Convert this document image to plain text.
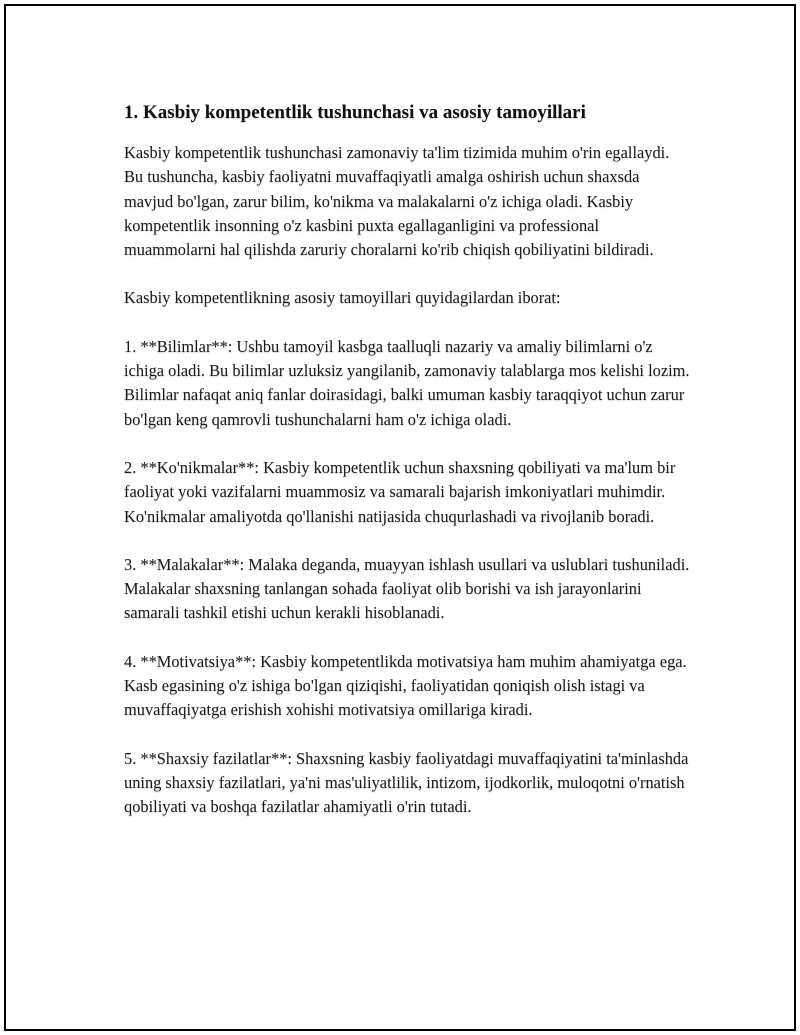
1. Kasbiy kompetentlik tushunchasi va asosiy tamoyillari

Kasbiy kompetentlik tushunchasi zamonaviy ta'lim tizimida muhim o'rin egallaydi. Bu tushuncha, kasbiy faoliyatni muvaffaqiyatli amalga oshirish uchun shaxsda mavjud bo'lgan, zarur bilim, ko'nikma va malakalarni o'z ichiga oladi. Kasbiy kompetentlik insonning o'z kasbini puxta egallaganligini va professional muammolarni hal qilishda zaruriy choralarni ko'rib chiqish qobiliyatini bildiradi.

Kasbiy kompetentlikning asosiy tamoyillari quyidagilardan iborat:

1. **Bilimlar**: Ushbu tamoyil kasbga taalluqli nazariy va amaliy bilimlarni o'z ichiga oladi. Bu bilimlar uzluksiz yangilanib, zamonaviy talablarga mos kelishi lozim. Bilimlar nafaqat aniq fanlar doirasidagi, balki umuman kasbiy taraqqiyot uchun zarur bo'lgan keng qamrovli tushunchalarni ham o'z ichiga oladi.

2. **Ko'nikmalar**: Kasbiy kompetentlik uchun shaxsning qobiliyati va ma'lum bir faoliyat yoki vazifalarni muammosiz va samarali bajarish imkoniyatlari muhimdir. Ko'nikmalar amaliyotda qo'llanishi natijasida chuqurlashadi va rivojlanib boradi.

3. **Malakalar**: Malaka deganda, muayyan ishlash usullari va uslublari tushuniladi. Malakalar shaxsning tanlangan sohada faoliyat olib borishi va ish jarayonlarini samarali tashkil etishi uchun kerakli hisoblanadi.

4. **Motivatsiya**: Kasbiy kompetentlikda motivatsiya ham muhim ahamiyatga ega. Kasb egasining o'z ishiga bo'lgan qiziqishi, faoliyatidan qoniqish olish istagi va muvaffaqiyatga erishish xohishi motivatsiya omillariga kiradi.

5. **Shaxsiy fazilatlar**: Shaxsning kasbiy faoliyatdagi muvaffaqiyatini ta'minlashda uning shaxsiy fazilatlari, ya'ni mas'uliyatlilik, intizom, ijodkorlik, muloqotni o'rnatish qobiliyati va boshqa fazilatlar ahamiyatli o'rin tutadi.
